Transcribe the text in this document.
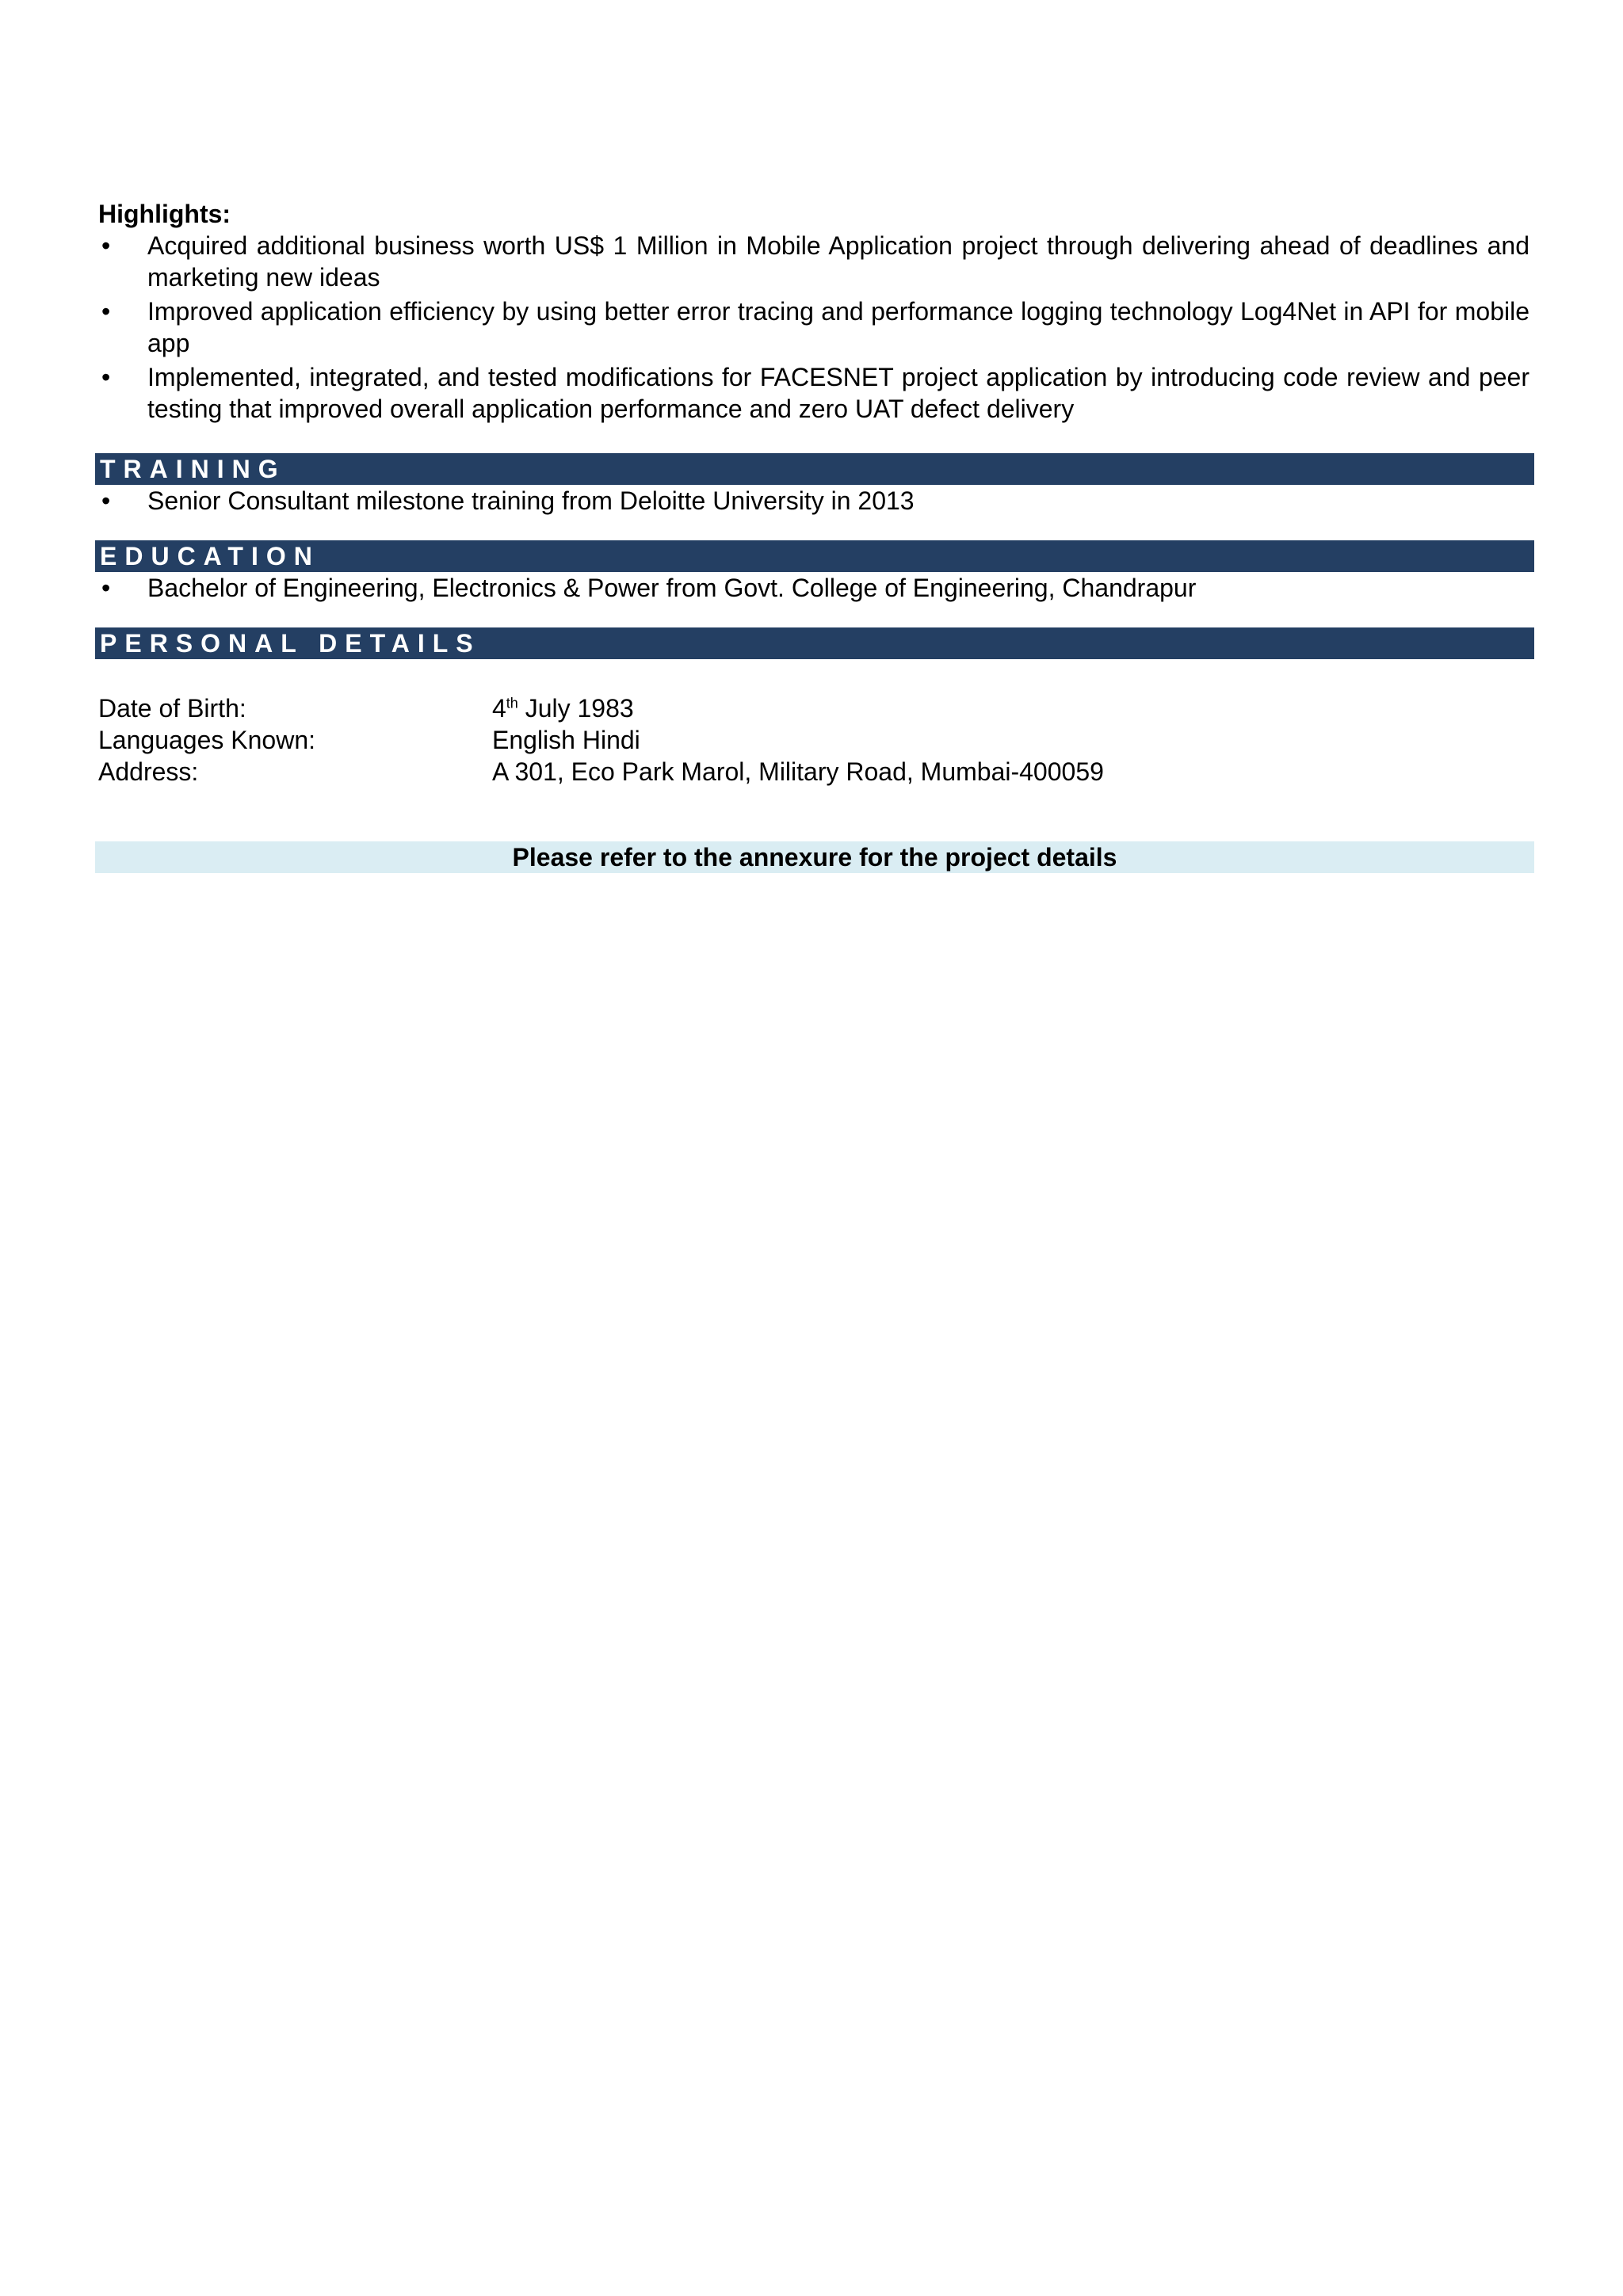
Highlights:
•	Acquired additional business worth US$ 1 Million in Mobile Application project through delivering ahead of deadlines and marketing new ideas
•	Improved application efficiency by using better error tracing and performance logging technology Log4Net in API for mobile app
•	Implemented, integrated, and tested modifications for FACESNET project application by introducing code review and peer testing that improved overall application performance and zero UAT defect delivery
TRAINING
•	Senior Consultant milestone training from Deloitte University in 2013
EDUCATION
•	Bachelor of Engineering, Electronics & Power from Govt. College of Engineering, Chandrapur
PERSONAL DETAILS
Date of Birth:	4th July 1983
Languages Known:	English Hindi
Address:	A 301, Eco Park Marol, Military Road, Mumbai-400059
Please refer to the annexure for the project details
